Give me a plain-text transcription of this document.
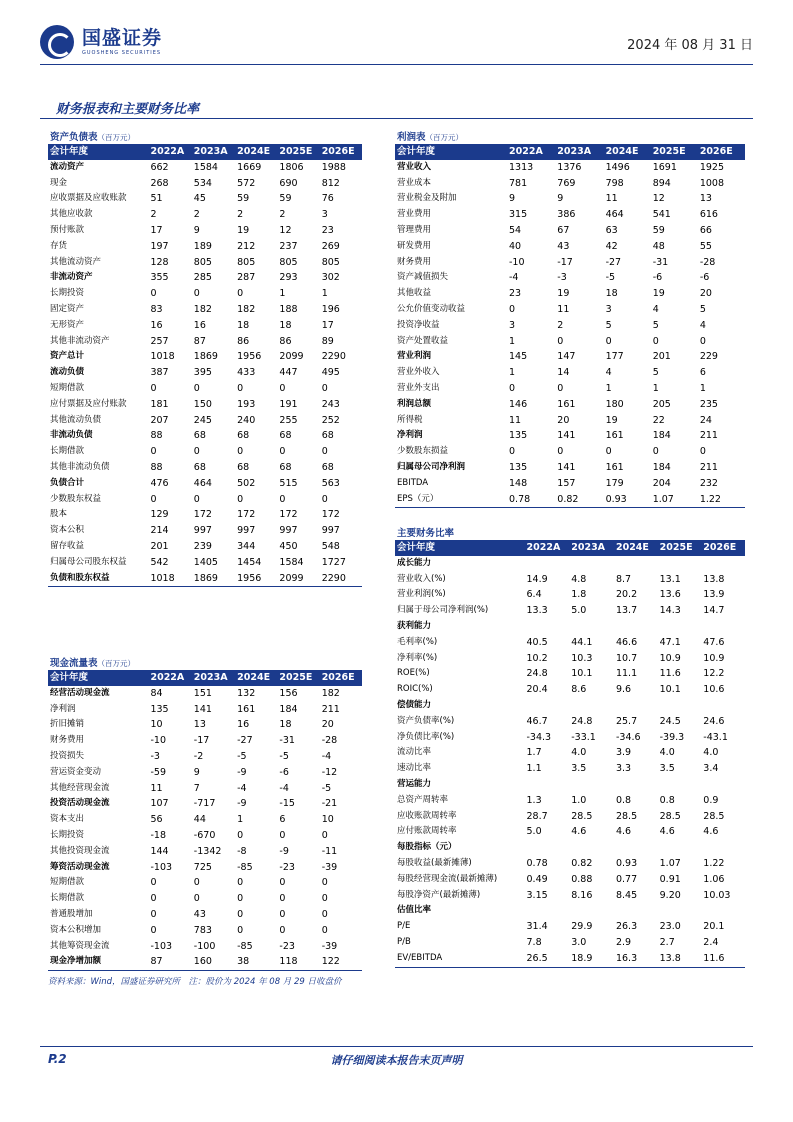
国盛证券
GUOSHENG SECURITIES	2024 年 08 月 31 日
财务报表和主要财务比率
资产负债表（百万元）
会计年度	2022A	2023A	2024E	2025E	2026E
流动资产	662	1584	1669	1806	1988
现金	268	534	572	690	812
应收票据及应收账款	51	45	59	59	76
其他应收款	2	2	2	2	3
预付账款	17	9	19	12	23
存货	197	189	212	237	269
其他流动资产	128	805	805	805	805
非流动资产	355	285	287	293	302
长期投资	0	0	0	1	1
固定资产	83	182	182	188	196
无形资产	16	16	18	18	17
其他非流动资产	257	87	86	86	89
资产总计	1018	1869	1956	2099	2290
流动负债	387	395	433	447	495
短期借款	0	0	0	0	0
应付票据及应付账款	181	150	193	191	243
其他流动负债	207	245	240	255	252
非流动负债	88	68	68	68	68
长期借款	0	0	0	0	0
其他非流动负债	88	68	68	68	68
负债合计	476	464	502	515	563
少数股东权益	0	0	0	0	0
股本	129	172	172	172	172
资本公积	214	997	997	997	997
留存收益	201	239	344	450	548
归属母公司股东权益	542	1405	1454	1584	1727
负债和股东权益	1018	1869	1956	2099	2290
利润表（百万元）
会计年度	2022A	2023A	2024E	2025E	2026E
营业收入	1313	1376	1496	1691	1925
营业成本	781	769	798	894	1008
营业税金及附加	9	9	11	12	13
营业费用	315	386	464	541	616
管理费用	54	67	63	59	66
研发费用	40	43	42	48	55
财务费用	-10	-17	-27	-31	-28
资产减值损失	-4	-3	-5	-6	-6
其他收益	23	19	18	19	20
公允价值变动收益	0	11	3	4	5
投资净收益	3	2	5	5	4
资产处置收益	1	0	0	0	0
营业利润	145	147	177	201	229
营业外收入	1	14	4	5	6
营业外支出	0	0	1	1	1
利润总额	146	161	180	205	235
所得税	11	20	19	22	24
净利润	135	141	161	184	211
少数股东损益	0	0	0	0	0
归属母公司净利润	135	141	161	184	211
EBITDA	148	157	179	204	232
EPS（元）	0.78	0.82	0.93	1.07	1.22
主要财务比率
会计年度	2022A	2023A	2024E	2025E	2026E
成长能力					
营业收入(%)	14.9	4.8	8.7	13.1	13.8
营业利润(%)	6.4	1.8	20.2	13.6	13.9
归属于母公司净利润(%)	13.3	5.0	13.7	14.3	14.7
获利能力					
毛利率(%)	40.5	44.1	46.6	47.1	47.6
净利率(%)	10.2	10.3	10.7	10.9	10.9
ROE(%)	24.8	10.1	11.1	11.6	12.2
ROIC(%)	20.4	8.6	9.6	10.1	10.6
偿债能力					
资产负债率(%)	46.7	24.8	25.7	24.5	24.6
净负债比率(%)	-34.3	-33.1	-34.6	-39.3	-43.1
流动比率	1.7	4.0	3.9	4.0	4.0
速动比率	1.1	3.5	3.3	3.5	3.4
营运能力					
总资产周转率	1.3	1.0	0.8	0.8	0.9
应收账款周转率	28.7	28.5	28.5	28.5	28.5
应付账款周转率	5.0	4.6	4.6	4.6	4.6
每股指标（元）					
每股收益(最新摊薄)	0.78	0.82	0.93	1.07	1.22
每股经营现金流(最新摊薄)	0.49	0.88	0.77	0.91	1.06
每股净资产(最新摊薄)	3.15	8.16	8.45	9.20	10.03
估值比率					
P/E	31.4	29.9	26.3	23.0	20.1
P/B	7.8	3.0	2.9	2.7	2.4
EV/EBITDA	26.5	18.9	16.3	13.8	11.6
现金流量表（百万元）
会计年度	2022A	2023A	2024E	2025E	2026E
经营活动现金流	84	151	132	156	182
净利润	135	141	161	184	211
折旧摊销	10	13	16	18	20
财务费用	-10	-17	-27	-31	-28
投资损失	-3	-2	-5	-5	-4
营运资金变动	-59	9	-9	-6	-12
其他经营现金流	11	7	-4	-4	-5
投资活动现金流	107	-717	-9	-15	-21
资本支出	56	44	1	6	10
长期投资	-18	-670	0	0	0
其他投资现金流	144	-1342	-8	-9	-11
筹资活动现金流	-103	725	-85	-23	-39
短期借款	0	0	0	0	0
长期借款	0	0	0	0	0
普通股增加	0	43	0	0	0
资本公积增加	0	783	0	0	0
其他筹资现金流	-103	-100	-85	-23	-39
现金净增加额	87	160	38	118	122
资料来源：Wind，国盛证券研究所　注：股价为 2024 年 08 月 29 日收盘价
请仔细阅读本报告末页声明
P.2
